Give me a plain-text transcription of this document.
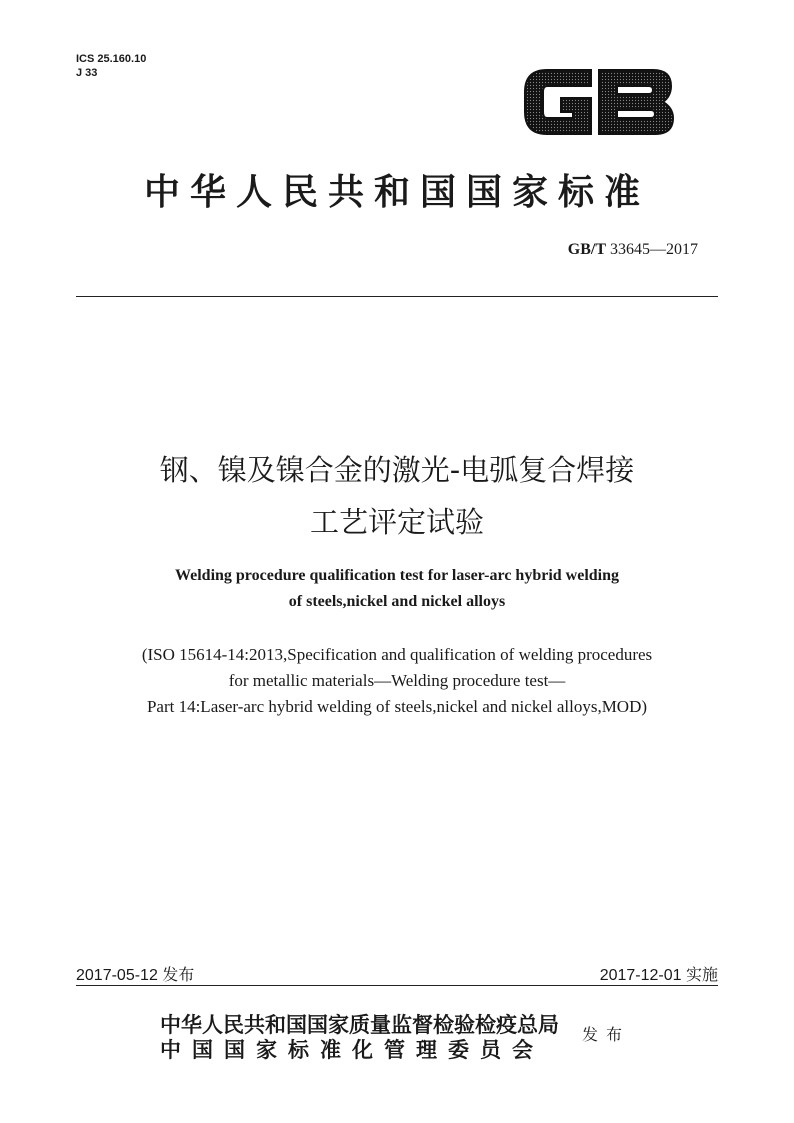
ICS 25.160.10
J 33
GB
中华人民共和国国家标准
GB/T 33645—2017
钢、镍及镍合金的激光-电弧复合焊接
工艺评定试验
Welding procedure qualification test for laser-arc hybrid welding
of steels,nickel and nickel alloys
(ISO 15614-14:2013,Specification and qualification of welding procedures
for metallic materials—Welding procedure test—
Part 14:Laser-arc hybrid welding of steels,nickel and nickel alloys,MOD)
2017-05-12 发布	2017-12-01 实施
中华人民共和国国家质量监督检验检疫总局
中国国家标准化管理委员会
发布
